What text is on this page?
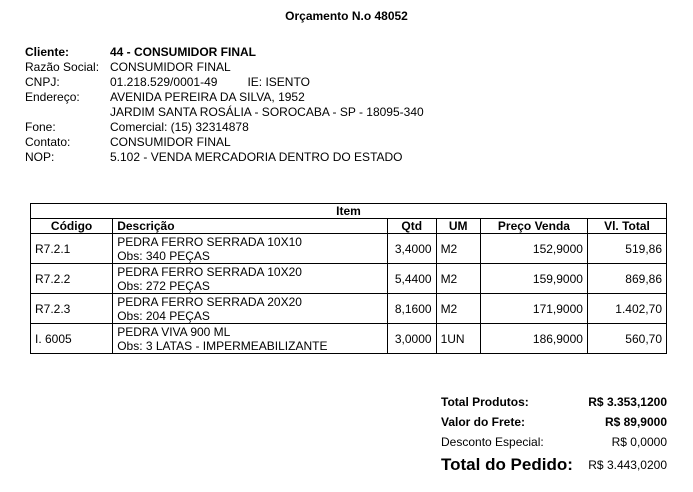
Orçamento N.o 48052
Cliente:	44 - CONSUMIDOR FINAL
Razão Social: CONSUMIDOR FINAL
CNPJ:	01.218.529/0001-49	IE: ISENTO
Endereço:	AVENIDA PEREIRA DA SILVA, 1952
JARDIM SANTA ROSÁLIA - SOROCABA - SP - 18095-340
Fone:	Comercial: (15) 32314878
Contato:	CONSUMIDOR FINAL
NOP:	5.102 - VENDA MERCADORIA DENTRO DO ESTADO
Item					
Código	Descrição	Qtd	UM	Preço Venda	Vl. Total
R7.2.1	PEDRA FERRO SERRADA 10X10
Obs: 340 PEÇAS	3,4000	M2	152,9000	519,86
R7.2.2	PEDRA FERRO SERRADA 10X20
Obs: 272 PEÇAS	5,4400	M2	159,9000	869,86
R7.2.3	PEDRA FERRO SERRADA 20X20
Obs: 204 PEÇAS	8,1600	M2	171,9000	1.402,70
I. 6005	PEDRA VIVA 900 ML
Obs: 3 LATAS - IMPERMEABILIZANTE	3,0000	1UN	186,9000	560,70
Total Produtos:	R$ 3.353,1200
Valor do Frete:	R$ 89,9000
Desconto Especial:	R$ 0,0000
Total do Pedido: R$ 3.443,0200
